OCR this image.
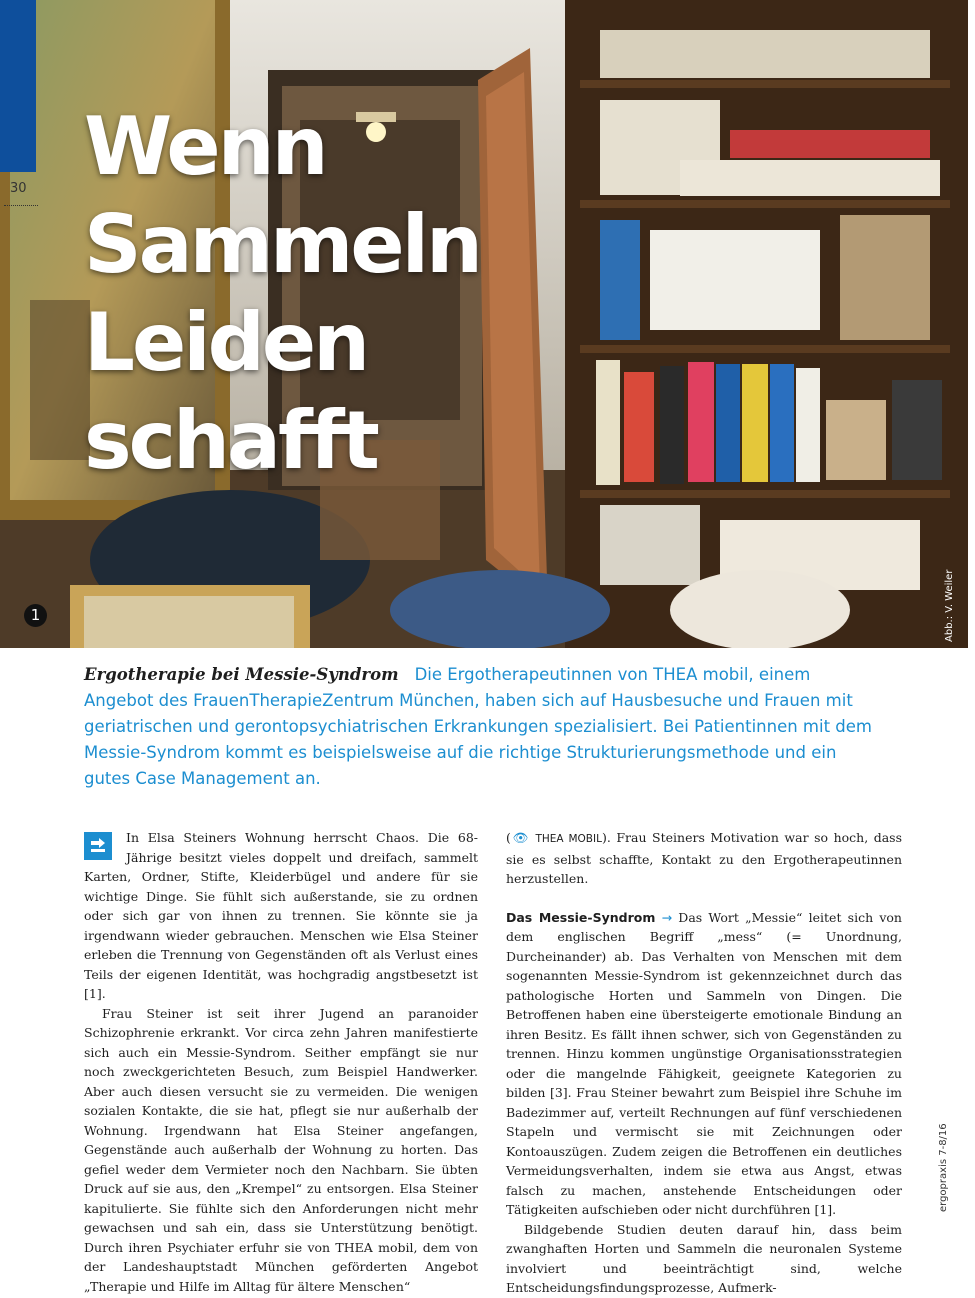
30 Wenn
Sammeln
Leiden
schafft
1	Abb.: V. Weiler

Ergotherapie bei Messie-Syndrom Die Ergotherapeutinnen von THEA mobil, einem Angebot des FrauenTherapieZentrum München, haben sich auf Hausbesuche und Frauen mit geriatrischen und gerontopsychiatrischen Erkrankungen spezialisiert. Bei Patientinnen mit dem Messie-Syndrom kommt es beispielsweise auf die richtige Strukturierungsmethode und ein gutes Case Management an.

In Elsa Steiners Wohnung herrscht Chaos. Die 68-Jährige besitzt vieles doppelt und dreifach, sammelt Karten, Ordner, Stifte, Kleiderbügel und andere für sie wichtige Dinge. Sie fühlt sich außerstande, sie zu ordnen oder sich gar von ihnen zu trennen. Sie könnte sie ja irgendwann wieder gebrauchen. Menschen wie Elsa Steiner erleben die Trennung von Gegenständen oft als Verlust eines Teils der eigenen Identität, was hochgradig angstbesetzt ist [1].

Frau Steiner ist seit ihrer Jugend an paranoider Schizophrenie erkrankt. Vor circa zehn Jahren manifestierte sich auch ein Messie-Syndrom. Seither empfängt sie nur noch zweckgerichteten Besuch, zum Beispiel Handwerker. Aber auch diesen versucht sie zu vermeiden. Die wenigen sozialen Kontakte, die sie hat, pflegt sie nur außerhalb der Wohnung. Irgendwann hat Elsa Steiner angefangen, Gegenstände auch außerhalb der Wohnung zu horten. Das gefiel weder dem Vermieter noch den Nachbarn. Sie übten Druck auf sie aus, den „Krempel“ zu entsorgen. Elsa Steiner kapitulierte. Sie fühlte sich den Anforderungen nicht mehr gewachsen und sah ein, dass sie Unterstützung benötigt. Durch ihren Psychiater erfuhr sie von THEA mobil, dem von der Landeshauptstadt München geförderten Angebot „Therapie und Hilfe im Alltag für ältere Menschen“

(👁︎ THEA MOBIL). Frau Steiners Motivation war so hoch, dass sie es selbst schaffte, Kontakt zu den Ergotherapeutinnen herzustellen.

Das Messie-Syndrom → Das Wort „Messie“ leitet sich von dem englischen Begriff „mess“ (= Unordnung, Durcheinander) ab. Das Verhalten von Menschen mit dem sogenannten Messie-Syndrom ist gekennzeichnet durch das pathologische Horten und Sammeln von Dingen. Die Betroffenen haben eine übersteigerte emotionale Bindung an ihren Besitz. Es fällt ihnen schwer, sich von Gegenständen zu trennen. Hinzu kommen ungünstige Organisationsstrategien oder die mangelnde Fähigkeit, geeignete Kategorien zu bilden [3]. Frau Steiner bewahrt zum Beispiel ihre Schuhe im Badezimmer auf, verteilt Rechnungen auf fünf verschiedenen Stapeln und vermischt sie mit Zeichnungen oder Kontoauszügen. Zudem zeigen die Betroffenen ein deutliches Vermeidungsverhalten, indem sie etwa aus Angst, etwas falsch zu machen, anstehende Entscheidungen oder Tätigkeiten aufschieben oder nicht durchführen [1].

Bildgebende Studien deuten darauf hin, dass beim zwanghaften Horten und Sammeln die neuronalen Systeme involviert und beeinträchtigt sind, welche Entscheidungsfindungsprozesse, Aufmerk-

ergopraxis 7-8/16
